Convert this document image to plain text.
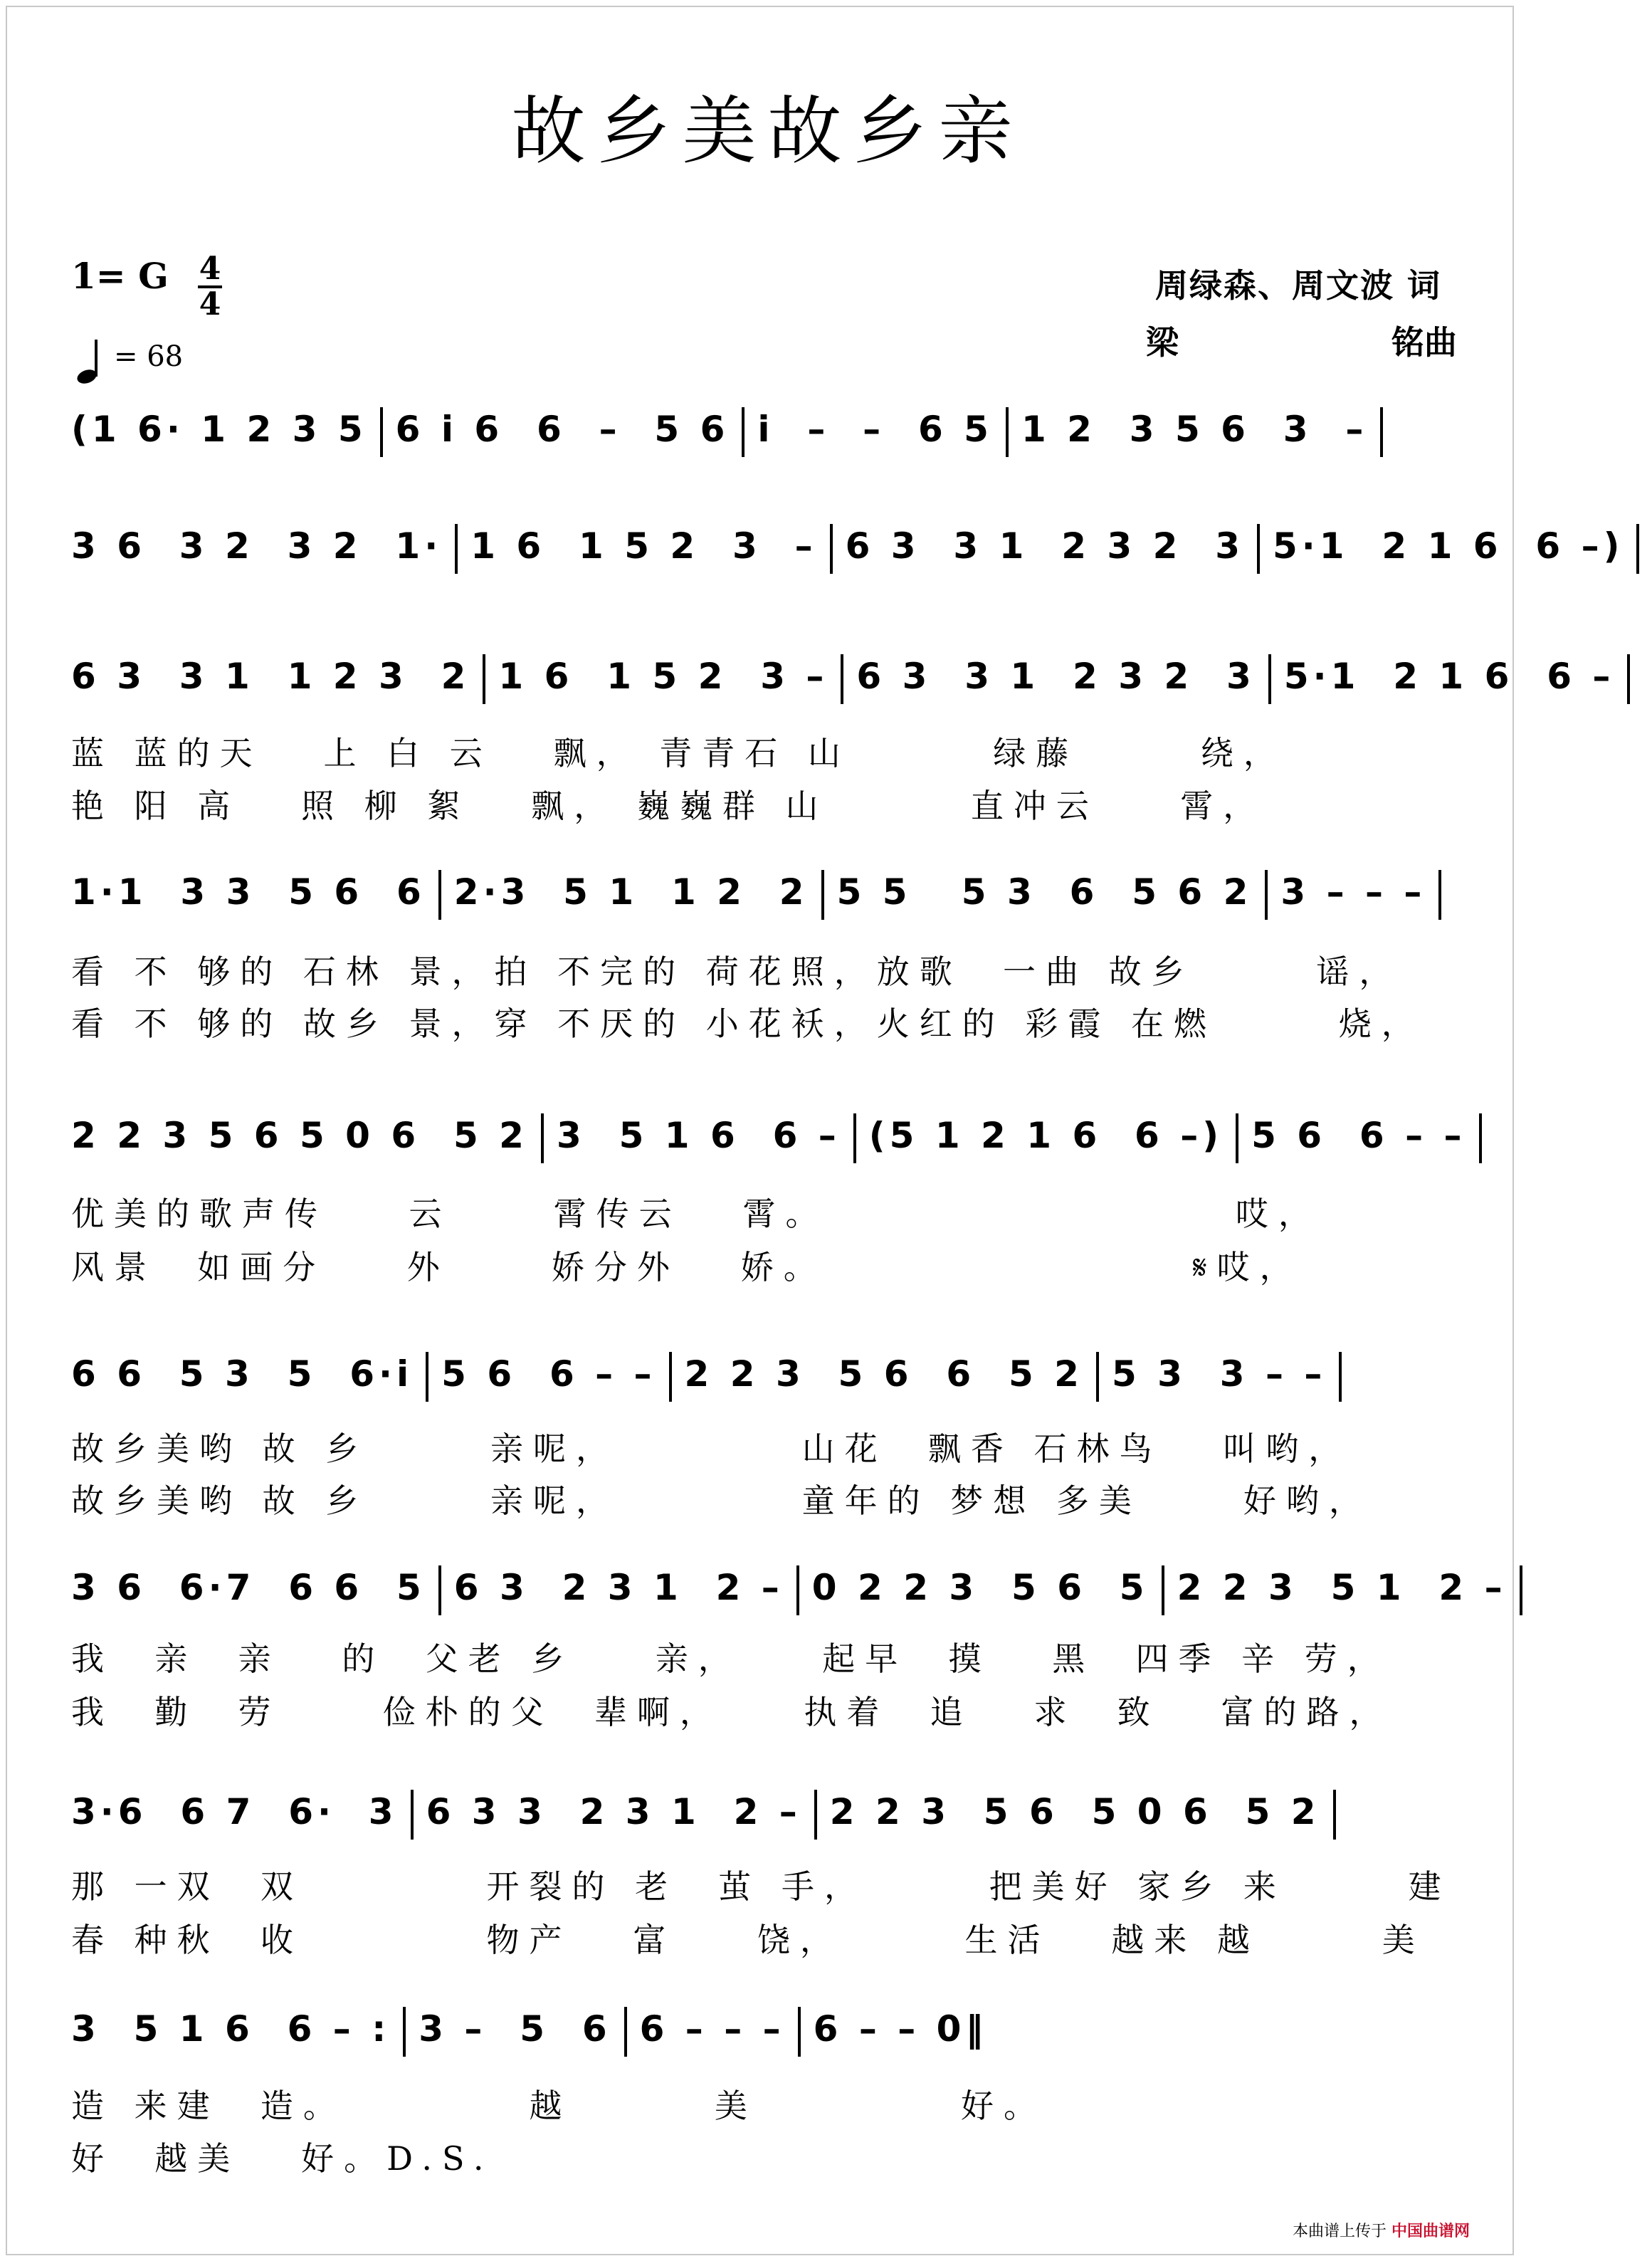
故乡美故乡亲
1= G 4
4
= 68
周绿森、周文波 词
梁	铭曲
(1 6· 1 2 3 5 6 i 6  6  –  5 6 i  –  –  6 5 1 2  3 5 6  3  –
3 6  3 2  3 2  1· 1 6  1 5 2  3  – 6 3  3 1  2 3 2  3 5·1  2 1 6  6 –)
6 3  3 1  1 2 3  2 1 6  1 5 2  3 – 6 3  3 1  2 3 2  3 5·1  2 1 6  6 –
蓝 蓝的天   上 白 云   飘， 青青石 山       绿藤      绕，
艳 阳 高   照 柳 絮   飘， 巍巍群 山       直冲云    霄，
1·1  3 3  5 6  6 2·3  5 1  1 2  2 5 5   5 3  6  5 6 2 3 – – –
看 不 够的 石林 景，拍 不完的 荷花照，放歌  一曲 故乡      谣，
看 不 够的 故乡 景，穿 不厌的 小花袄，火红的 彩霞 在燃      烧，
2 2 3 5 6 5 0 6  5 2 3  5 1 6  6 – (5 1 2 1 6  6 –) 5 6  6 – –
优美的歌声传    云     霄传云   霄。                    哎，
风景  如画分    外     娇分外   娇。                  𝄋哎，
6 6  5 3  5  6·i 5 6  6 – – 2 2 3  5 6  6  5 2 5 3  3 – –
故乡美哟 故 乡      亲呢，         山花  飘香 石林鸟   叫哟，
故乡美哟 故 乡      亲呢，         童年的 梦想 多美     好哟，
3 6  6·7  6 6  5 6 3  2 3 1  2 – 0 2 2 3  5 6  5 2 2 3  5 1  2 –
我  亲  亲   的  父老 乡    亲，    起早  摸   黑  四季 辛 劳，
我  勤  劳     俭朴的父  辈啊，    执着  追   求  致   富的路，
3·6  6 7  6·  3 6 3 3  2 3 1  2 – 2 2 3  5 6  5 0 6  5 2
那 一双  双         开裂的 老  茧 手，      把美好 家乡 来      建
春 种秋  收         物产   富    饶，      生活   越来 越      美
3  5 1 6  6 – : 3 –  5  6 6 – – – 6 – – 0‖
造 来建  造。         越       美          好。
好  越美   好。D.S.
本曲谱上传于 中国曲谱网
